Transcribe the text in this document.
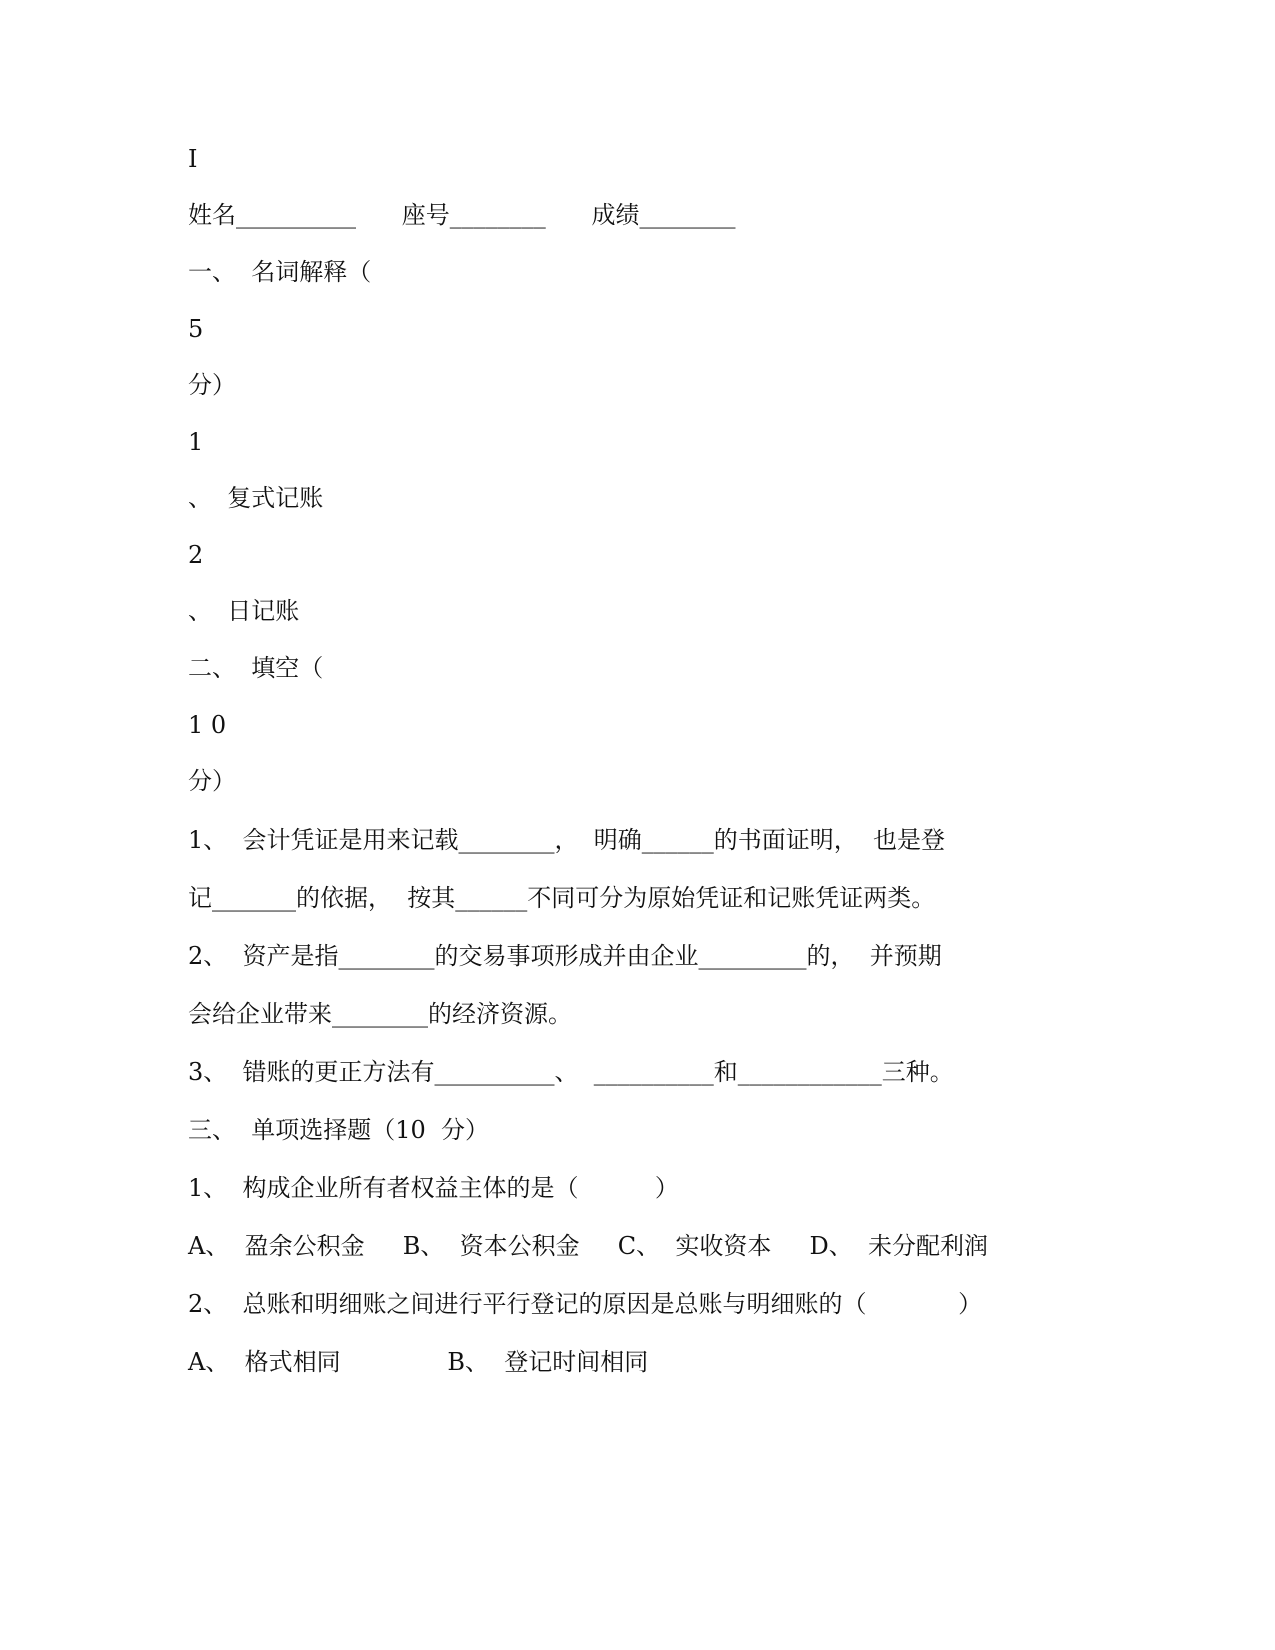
I
姓名__________      座号________      成绩________
一、  名词解释（
5
分）
1
、  复式记账
2
、  日记账
二、  填空（
1 0
分）
1、  会计凭证是用来记载________，  明确______的书面证明，  也是登
记_______的依据，  按其______不同可分为原始凭证和记账凭证两类。
2、  资产是指________的交易事项形成并由企业_________的，  并预期
会给企业带来________的经济资源。
3、  错账的更正方法有__________、  __________和____________三种。
三、  单项选择题（10  分）
1、  构成企业所有者权益主体的是（          ）
A、  盈余公积金     B、  资本公积金     C、  实收资本     D、  未分配利润
2、  总账和明细账之间进行平行登记的原因是总账与明细账的（            ）
A、  格式相同              B、  登记时间相同
